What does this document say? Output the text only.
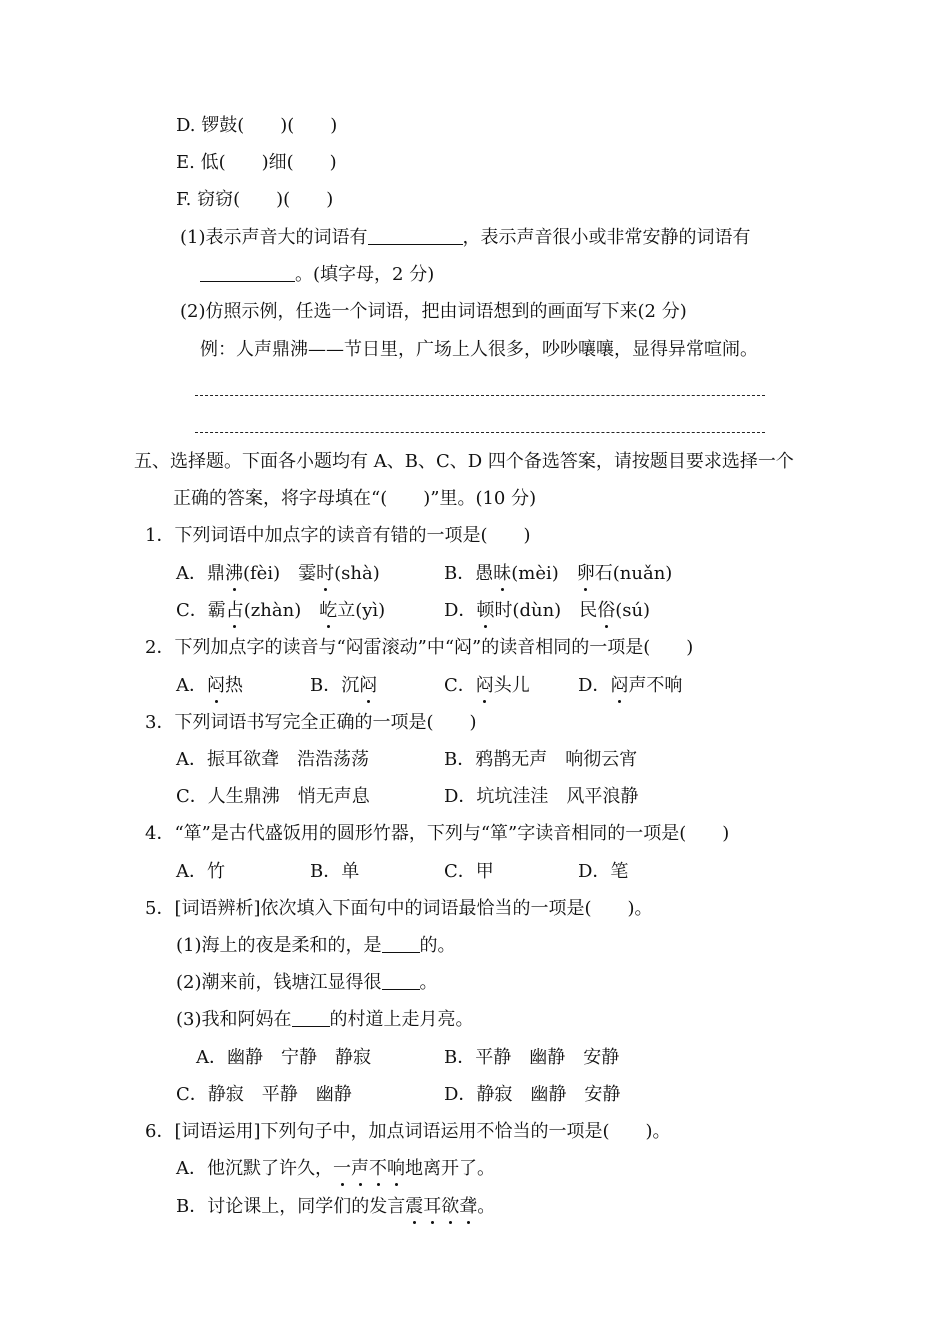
D. 锣鼓(　　)(　　)
E. 低(　　)细(　　)
F. 窃窃(　　)(　　)
(1)表示声音大的词语有	，表示声音很小或非常安静的词语有
。(填字母，2 分)
(2)仿照示例，任选一个词语，把由词语想到的画面写下来(2 分)
例：人声鼎沸——节日里，广场上人很多，吵吵嚷嚷，显得异常喧闹。
五、选择题。下面各小题均有 A、B、C、D 四个备选答案，请按题目要求选择一个
正确的答案，将字母填在“(　　)”里。(10 分)
1．下列词语中加点字的读音有错的一项是(　　)
A．鼎沸(fèi)　霎时(shà)	B．愚昧(mèi)　卵石(nuǎn)
C．霸占(zhàn)　屹立(yì)	D．顿时(dùn)　民俗(sú)
2．下列加点字的读音与“闷雷滚动”中“闷”的读音相同的一项是(　　)
A．闷热	B．沉闷	C．闷头儿	D．闷声不响
3．下列词语书写完全正确的一项是(　　)
A．振耳欲聋　浩浩荡荡	B．鸦鹊无声　响彻云宵
C．人生鼎沸　悄无声息	D．坑坑洼洼　风平浪静
4．“箪”是古代盛饭用的圆形竹器，下列与“箪”字读音相同的一项是(　　)
A．竹	B．单	C．甲	D．笔
5．[词语辨析]依次填入下面句中的词语最恰当的一项是(　　)。
(1)海上的夜是柔和的，是 的。
(2)潮来前，钱塘江显得很 。
(3)我和阿妈在 的村道上走月亮。
A．幽静　宁静　静寂	B．平静　幽静　安静
C．静寂　平静　幽静	D．静寂　幽静　安静
6．[词语运用]下列句子中，加点词语运用不恰当的一项是(　　)。
A．他沉默了许久，一声不响地离开了。
B．讨论课上，同学们的发言震耳欲聋。
